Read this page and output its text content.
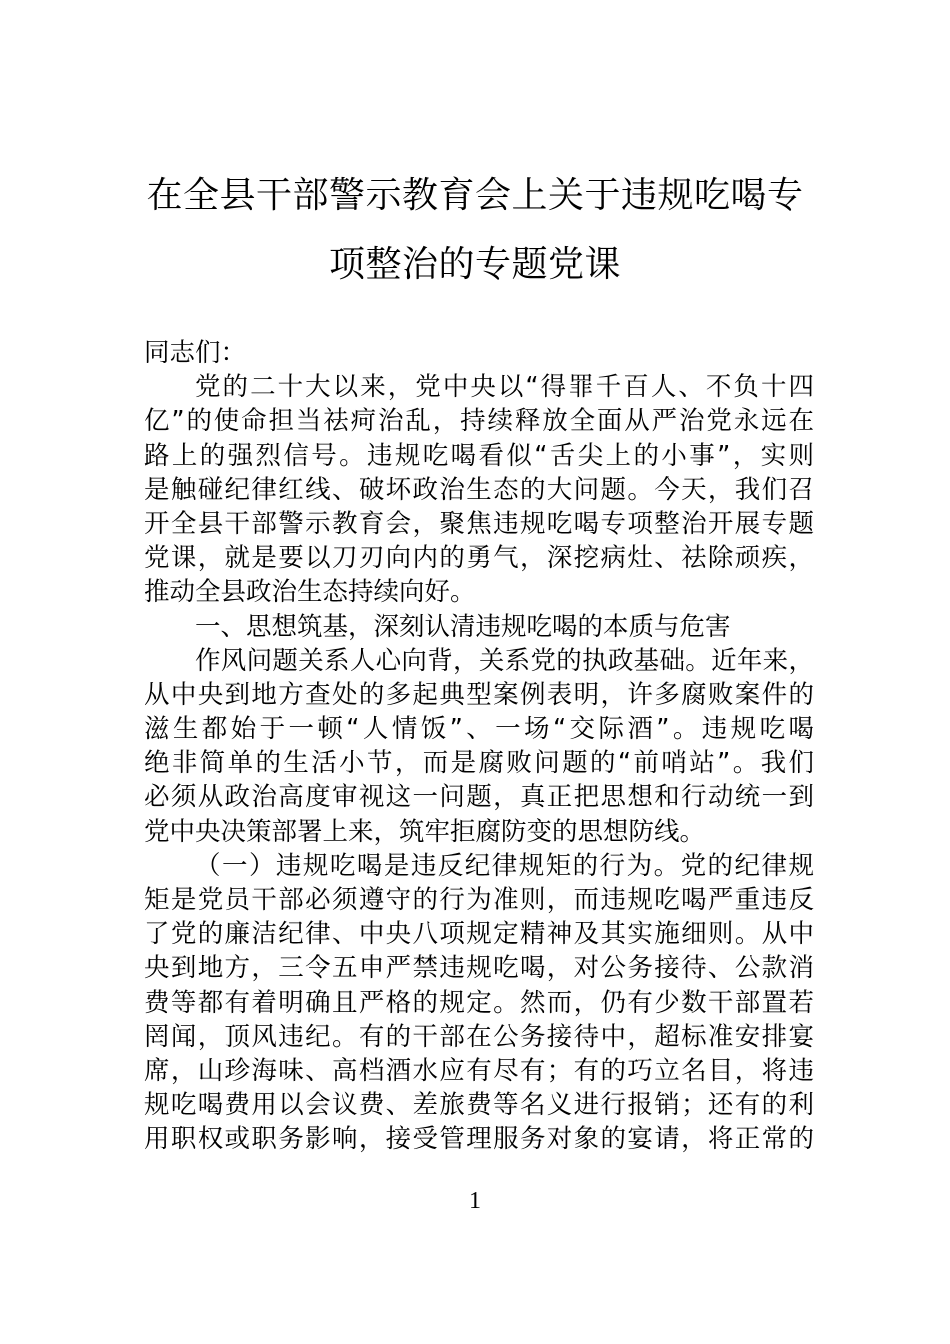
在全县干部警示教育会上关于违规吃喝专
项整治的专题党课
同志们：
党的二十大以来，党中央以“得罪千百人、不负十四
亿”的使命担当祛疴治乱，持续释放全面从严治党永远在
路上的强烈信号。违规吃喝看似“舌尖上的小事”，实则
是触碰纪律红线、破坏政治生态的大问题。今天，我们召
开全县干部警示教育会，聚焦违规吃喝专项整治开展专题
党课，就是要以刀刃向内的勇气，深挖病灶、祛除顽疾，
推动全县政治生态持续向好。
一、思想筑基，深刻认清违规吃喝的本质与危害
作风问题关系人心向背，关系党的执政基础。近年来，
从中央到地方查处的多起典型案例表明，许多腐败案件的
滋生都始于一顿“人情饭”、一场“交际酒”。违规吃喝
绝非简单的生活小节，而是腐败问题的“前哨站”。我们
必须从政治高度审视这一问题，真正把思想和行动统一到
党中央决策部署上来，筑牢拒腐防变的思想防线。
（一）违规吃喝是违反纪律规矩的行为。党的纪律规
矩是党员干部必须遵守的行为准则，而违规吃喝严重违反
了党的廉洁纪律、中央八项规定精神及其实施细则。从中
央到地方，三令五申严禁违规吃喝，对公务接待、公款消
费等都有着明确且严格的规定。然而，仍有少数干部置若
罔闻，顶风违纪。有的干部在公务接待中，超标准安排宴
席，山珍海味、高档酒水应有尽有；有的巧立名目，将违
规吃喝费用以会议费、差旅费等名义进行报销；还有的利
用职权或职务影响，接受管理服务对象的宴请，将正常的
1
